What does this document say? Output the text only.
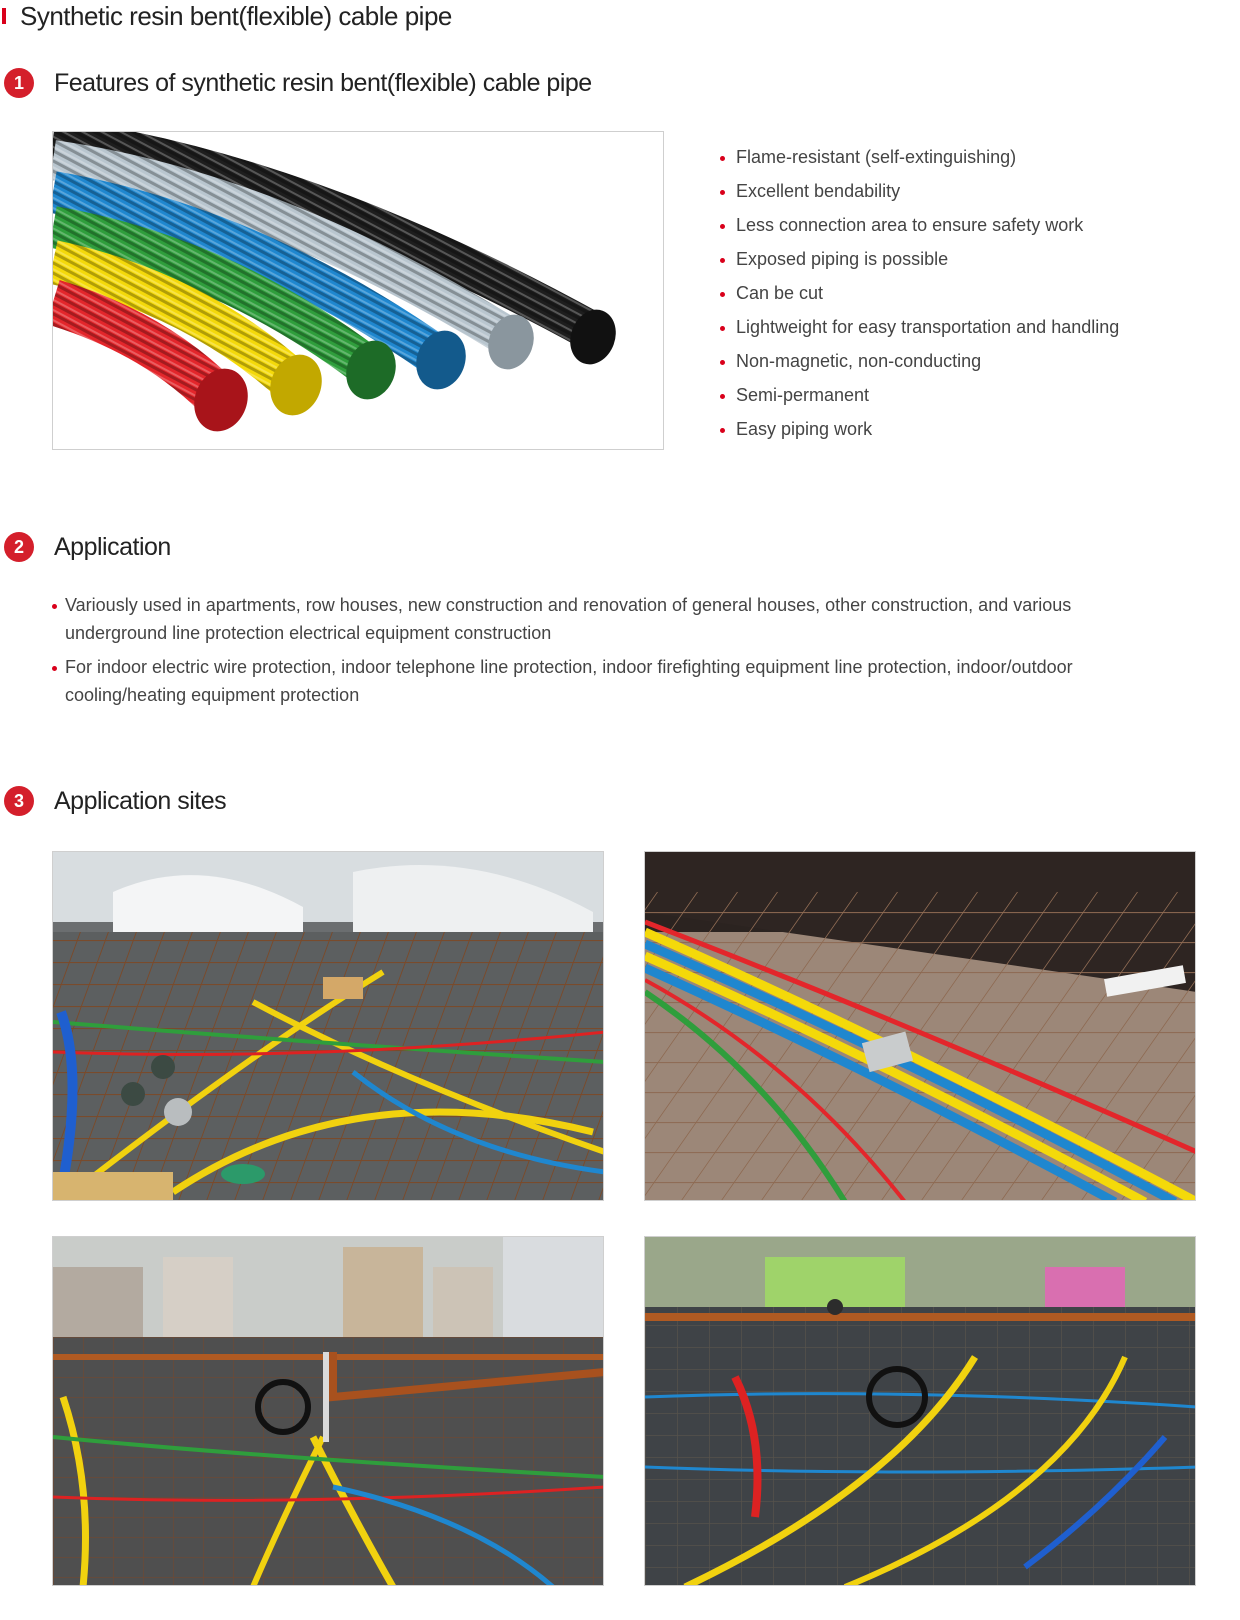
Synthetic resin bent(flexible) cable pipe
1	Features of synthetic resin bent(flexible) cable pipe
Flame-resistant (self-extinguishing)
Excellent bendability
Less connection area to ensure safety work
Exposed piping is possible
Can be cut
Lightweight for easy transportation and handling
Non-magnetic, non-conducting
Semi-permanent
Easy piping work
2	Application
Variously used in apartments, row houses, new construction and renovation of general houses, other construction, and various underground line protection electrical equipment construction
For indoor electric wire protection, indoor telephone line protection, indoor firefighting equipment line protection, indoor/outdoor cooling/heating equipment protection
3	Application sites
